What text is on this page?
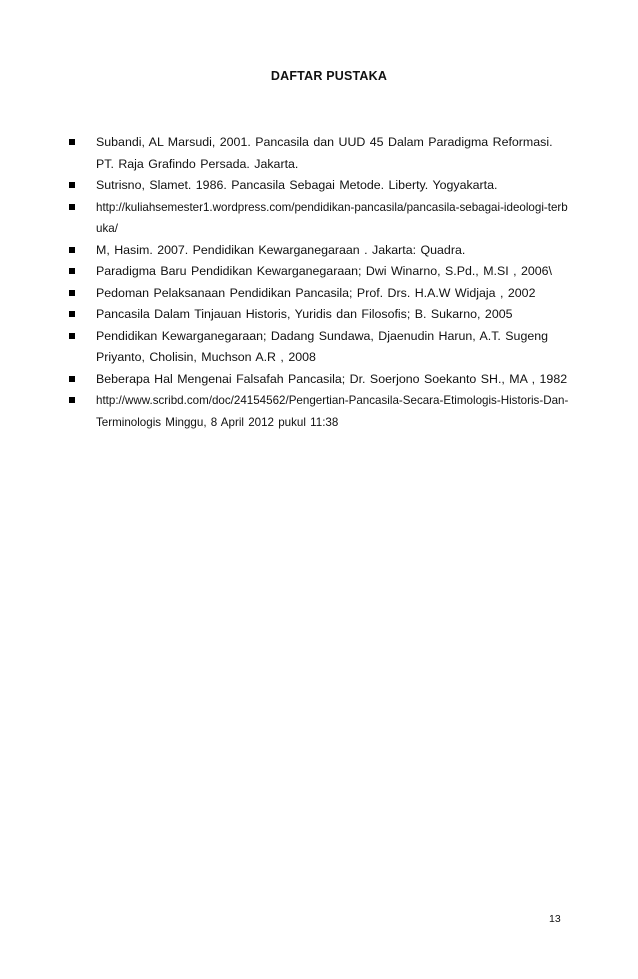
DAFTAR PUSTAKA
Subandi, AL Marsudi, 2001. Pancasila dan UUD 45 Dalam Paradigma Reformasi. PT. Raja Grafindo Persada. Jakarta.
Sutrisno, Slamet. 1986. Pancasila Sebagai Metode. Liberty. Yogyakarta.
http://kuliahsemester1.wordpress.com/pendidikan-pancasila/pancasila-sebagai-ideologi-terbuka/
M, Hasim. 2007. Pendidikan Kewarganegaraan . Jakarta: Quadra.
Paradigma Baru Pendidikan Kewarganegaraan; Dwi Winarno, S.Pd., M.SI , 2006\
Pedoman Pelaksanaan Pendidikan Pancasila; Prof. Drs. H.A.W Widjaja , 2002
Pancasila Dalam Tinjauan Historis, Yuridis dan Filosofis; B. Sukarno, 2005
Pendidikan Kewarganegaraan; Dadang Sundawa, Djaenudin Harun, A.T. Sugeng Priyanto, Cholisin, Muchson A.R , 2008
Beberapa Hal Mengenai Falsafah Pancasila; Dr. Soerjono Soekanto SH., MA , 1982
http://www.scribd.com/doc/24154562/Pengertian-Pancasila-Secara-Etimologis-Historis-Dan-Terminologis Minggu, 8 April 2012 pukul 11:38
13
